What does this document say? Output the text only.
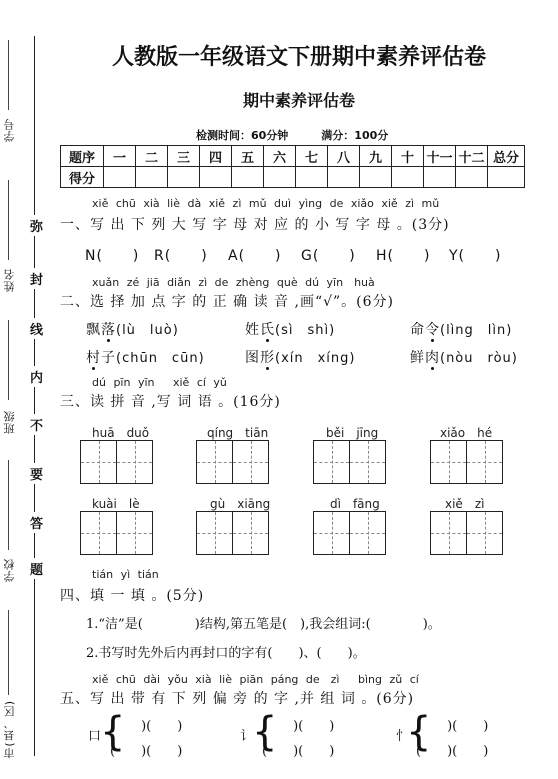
学号
姓名
班级
学校
市(县、区)
弥
封
线
内
不
要
答
题
人教版一年级语文下册期中素养评估卷
期中素养评估卷
检测时间：60分钟　　　满分：100分
题序	一	二	三	四	五	六	七	八	九	十	十一	十二	总分
得分													
xiě chū xià liè dà xiě zì mǔ duì yìng de xiǎo xiě zì mǔ
一、写 出 下 列 大 写 字 母 对 应 的 小 写 字 母 。(3分)
N(　　) R(　　) A(　　) G(　　) H(　　) Y(　　)
xuǎn zé jiā diǎn zì de zhèng què dú yīn　huà
二、选 择 加 点 字 的 正 确 读 音 ,画“√”。(6分)
飘落(lù　luò)	姓氏(sì　shì)	命令(lìng　lìn)
村子(chūn　cūn)	图形(xín　xíng)	鲜肉(nòu　ròu)
dú pīn yīn　 xiě cí yǔ
三、读 拼 音 ,写 词 语 。(16分)
huā　duǒ	qíng　tiān	běi　jīng	xiǎo　hé
kuài　lè	gù　xiāng	dì　fāng	xiě　zì
tián yì tián
四、填 一 填 。(5分)
1.“洁”是(　　　　)结构,第五笔是(　),我会组词:(　　　　)。
2.书写时先外后内再封口的字有(　　)、(　　)。
xiě chū dài yǒu xià liè piān páng de　zì　 bìng zǔ cí
五、写 出 带 有 下 列 偏 旁 的 字 ,并 组 词 。(6分)
口
{
(　　)(　　)
(　　)(　　)
讠
{
(　　)(　　)
(　　)(　　)
忄
{
(　　)(　　)
(　　)(　　)
